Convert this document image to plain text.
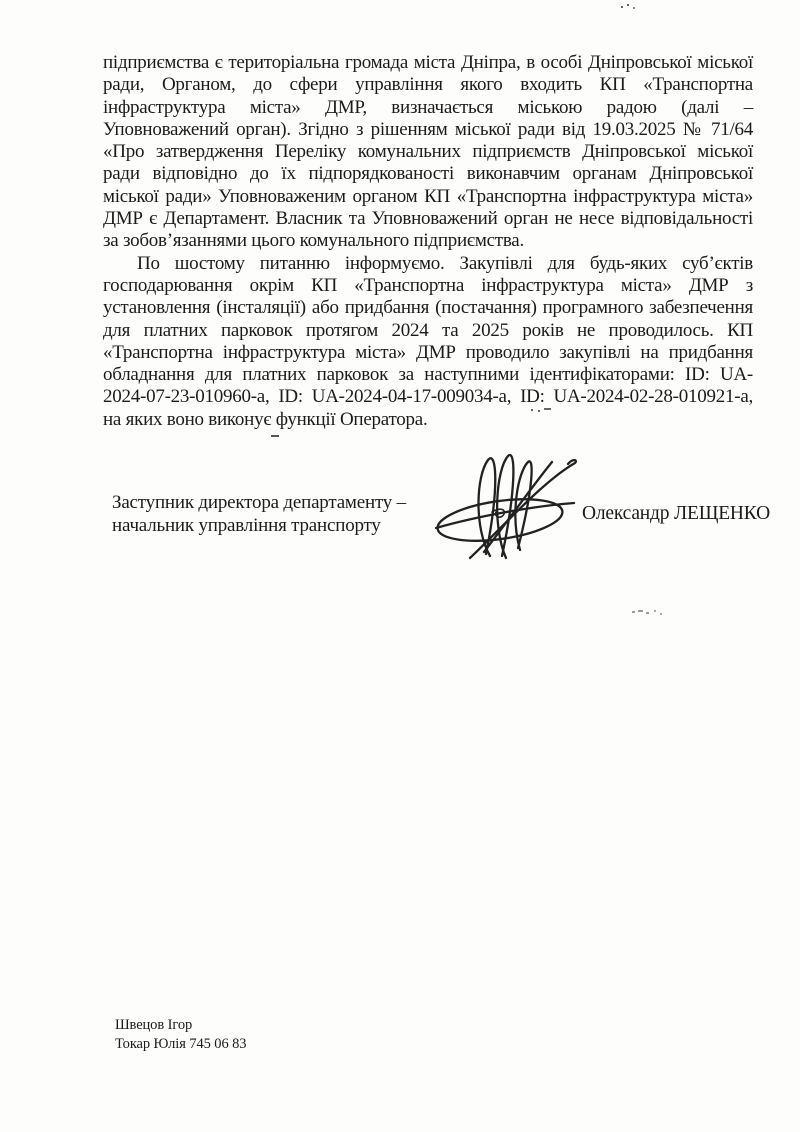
підприємства є територіальна громада міста Дніпра, в особі Дніпровської міської
ради, Органом, до сфери управління якого входить КП «Транспортна
інфраструктура міста» ДМР, визначається міською радою (далі –
Уповноважений орган). Згідно з рішенням міської ради від 19.03.2025 № 71/64
«Про затвердження Переліку комунальних підприємств Дніпровської міської
ради відповідно до їх підпорядкованості виконавчим органам Дніпровської
міської ради» Уповноваженим органом КП «Транспортна інфраструктура міста»
ДМР є Департамент. Власник та Уповноважений орган не несе відповідальності
за зобов’язаннями цього комунального підприємства.
По шостому питанню інформуємо. Закупівлі для будь-яких суб’єктів
господарювання окрім КП «Транспортна інфраструктура міста» ДМР з
установлення (інсталяції) або придбання (постачання) програмного забезпечення
для платних парковок протягом 2024 та 2025 років не проводилось. КП
«Транспортна інфраструктура міста» ДМР проводило закупівлі на придбання
обладнання для платних парковок за наступними ідентифікаторами: ID: UA-
2024-07-23-010960-а, ID: UA-2024-04-17-009034-а, ID: UA-2024-02-28-010921-а,
на яких воно виконує функції Оператора.
Заступник директора департаменту –
начальник управління транспорту
Олександр ЛЕЩЕНКО
Швецов Ігор
Токар Юлія 745 06 83
